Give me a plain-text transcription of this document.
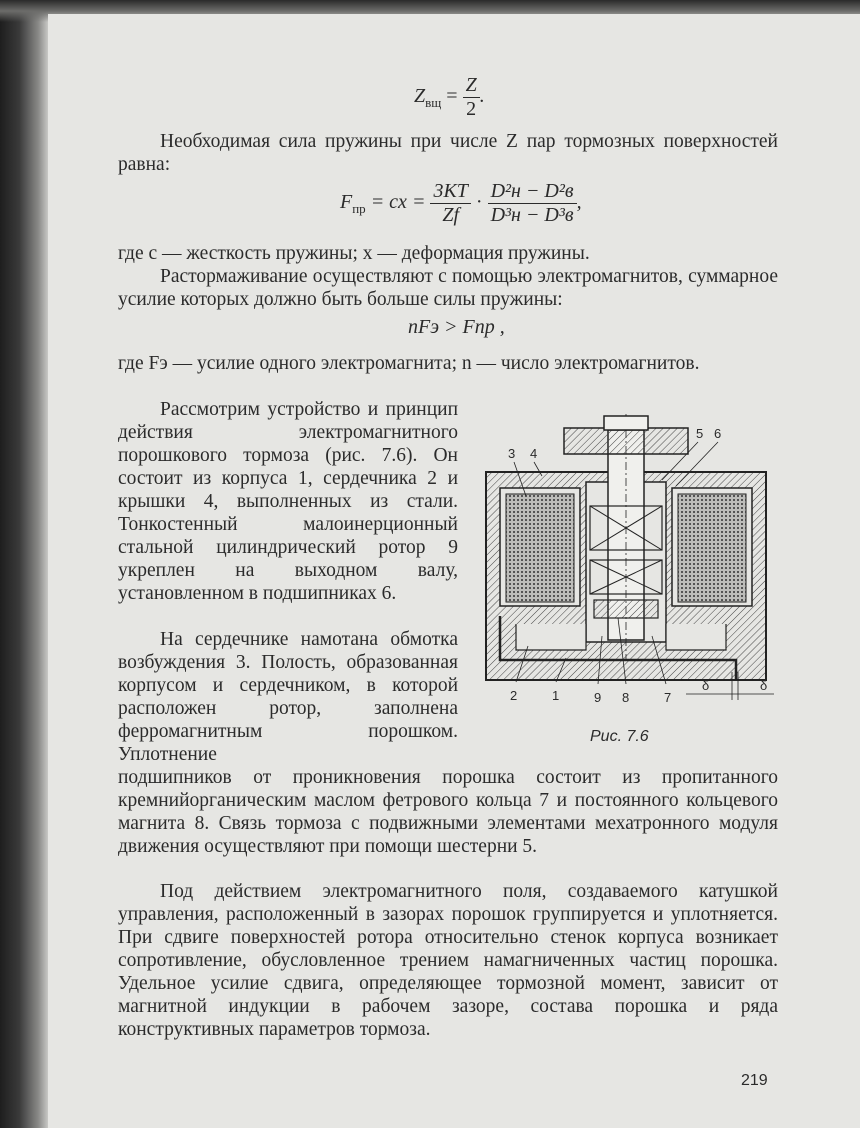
$Z_{вщ} = \frac{Z}{2}$ .

Необходимая сила пружины при числе Z пар тормозных поверхностей равна:

$F_{пр}$ = cx = $\frac{3KT}{Zf} \cdot \frac{\text{D²н − D²в}}{\text{D³н − D³в}}$ ,

где c — жесткость пружины; x — деформация пружины.

Растормаживание осуществляют с помощью электромагнитов, суммарное усилие которых должно быть больше силы пружины:

nFэ > Fпр ,

где Fэ — усилие одного электромагнита; n — число электромагнитов.

Рассмотрим устройство и принцип действия электромагнитного порошкового тормоза (рис. 7.6). Он состоит из корпуса 1, сердечника 2 и крышки 4, выполненных из стали. Тонкостенный малоинерционный стальной цилиндрический ротор 9 укреплен на выходном валу, установленном в подшипниках 6.

На сердечнике намотана обмотка возбуждения 3. Полость, образованная корпусом и сердечником, в которой расположен ротор, заполнена ферромагнитным порошком. Уплотнение

подшипников от проникновения порошка состоит из пропитанного кремнийорганическим маслом фетрового кольца 7 и постоянного кольцевого магнита 8. Связь тормоза с подвижными элементами мехатронного модуля движения осуществляют при помощи шестерни 5.

Под действием электромагнитного поля, создаваемого катушкой управления, расположенный в зазорах порошок группируется и уплотняется. При сдвиге поверхностей ротора относительно стенок корпуса возникает сопротивление, обусловленное трением намагниченных частиц порошка. Удельное усилие сдвига, определяющее тормозной момент, зависит от магнитной индукции в рабочем зазоре, состава порошка и ряда конструктивных параметров тормоза.

3 4
5 6
2	1	9 8	7
δ	δ
Рис. 7.6
219
